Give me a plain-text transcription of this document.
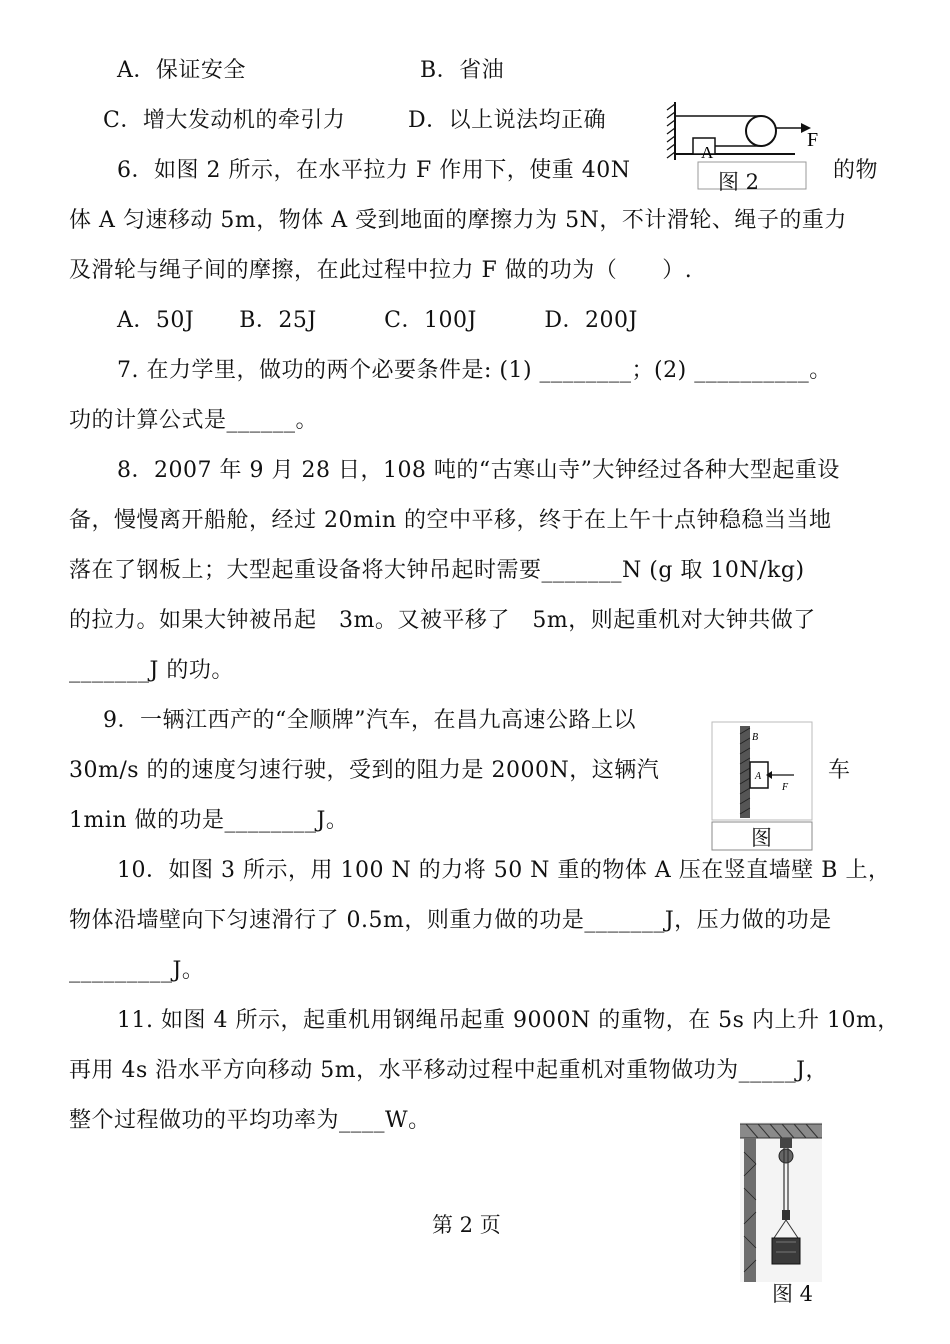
A．保证安全	B．省油
C．增大发动机的牵引力	D．以上说法均正确
F
A
图 2
6．如图 2 所示，在水平拉力 F 作用下，使重 40N	的物
体 A 匀速移动 5m，物体 A 受到地面的摩擦力为 5N，不计滑轮、绳子的重力
及滑轮与绳子间的摩擦，在此过程中拉力 F 做的功为（　　）.
A．50J　　B．25J　　　C．100J　　　D．200J
7. 在力学里，做功的两个必要条件是: (1) ________；(2) __________。
功的计算公式是______。
8．2007 年 9 月 28 日，108 吨的“古寒山寺”大钟经过各种大型起重设
备，慢慢离开船舱，经过 20min 的空中平移，终于在上午十点钟稳稳当当地
落在了钢板上；大型起重设备将大钟吊起时需要_______N (g 取 10N/kg)
的拉力。如果大钟被吊起　3m。又被平移了　5m，则起重机对大钟共做了
_______J 的功。
9．一辆江西产的“全顺牌”汽车，在昌九高速公路上以
30m/s 的的速度匀速行驶，受到的阻力是 2000N，这辆汽	车
1min 做的功是________J。
B
A
F
图
10．如图 3 所示，用 100 N 的力将 50 N 重的物体 A 压在竖直墙壁 B 上，
物体沿墙壁向下匀速滑行了 0.5m，则重力做的功是_______J，压力做的功是
_________J。
11. 如图 4 所示，起重机用钢绳吊起重 9000N 的重物，在 5s 内上升 10m，
再用 4s 沿水平方向移动 5m，水平移动过程中起重机对重物做功为_____J，
整个过程做功的平均功率为____W。
图 4
第 2 页
